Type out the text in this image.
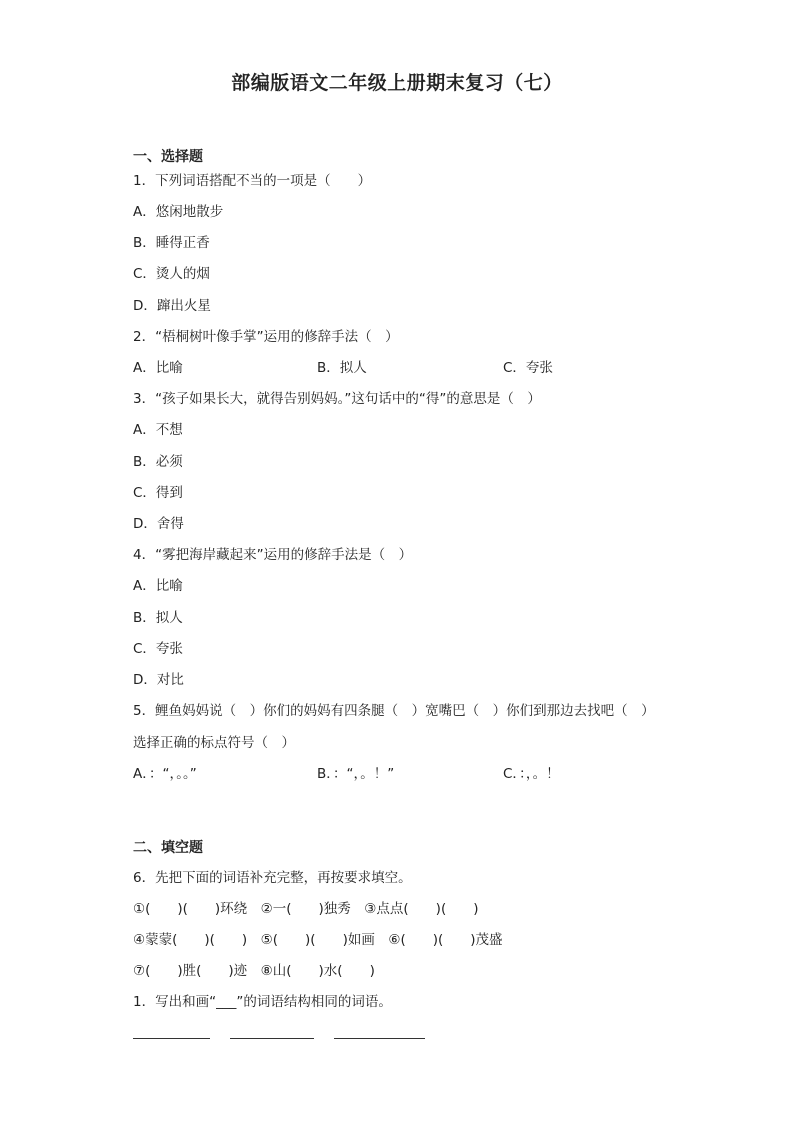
部编版语文二年级上册期末复习（七）
一、选择题
1．下列词语搭配不当的一项是（　　）
A．悠闲地散步
B．睡得正香
C．烫人的烟
D．蹿出火星
2．“梧桐树叶像手掌”运用的修辞手法（　）
A．比喻	B．拟人	C．夸张
3．“孩子如果长大，就得告别妈妈。”这句话中的“得”的意思是（　）
A．不想
B．必须
C．得到
D．舍得
4．“雾把海岸藏起来”运用的修辞手法是（　）
A．比喻
B．拟人
C．夸张
D．对比
5．鲤鱼妈妈说（　）你们的妈妈有四条腿（　）宽嘴巴（　）你们到那边去找吧（　）
选择正确的标点符号（　）
A．：“，。。”	B．：“，。！”	C．：，。！
二、填空题
6．先把下面的词语补充完整，再按要求填空。
①(　　)(　　)环绕　②一(　　)独秀　③点点(　　)(　　)
④蒙蒙(　　)(　　)　⑤(　　)(　　)如画　⑥(　　)(　　)茂盛
⑦(　　)胜(　　)迹　⑧山(　　)水(　　)
1．写出和画“___”的词语结构相同的词语。
